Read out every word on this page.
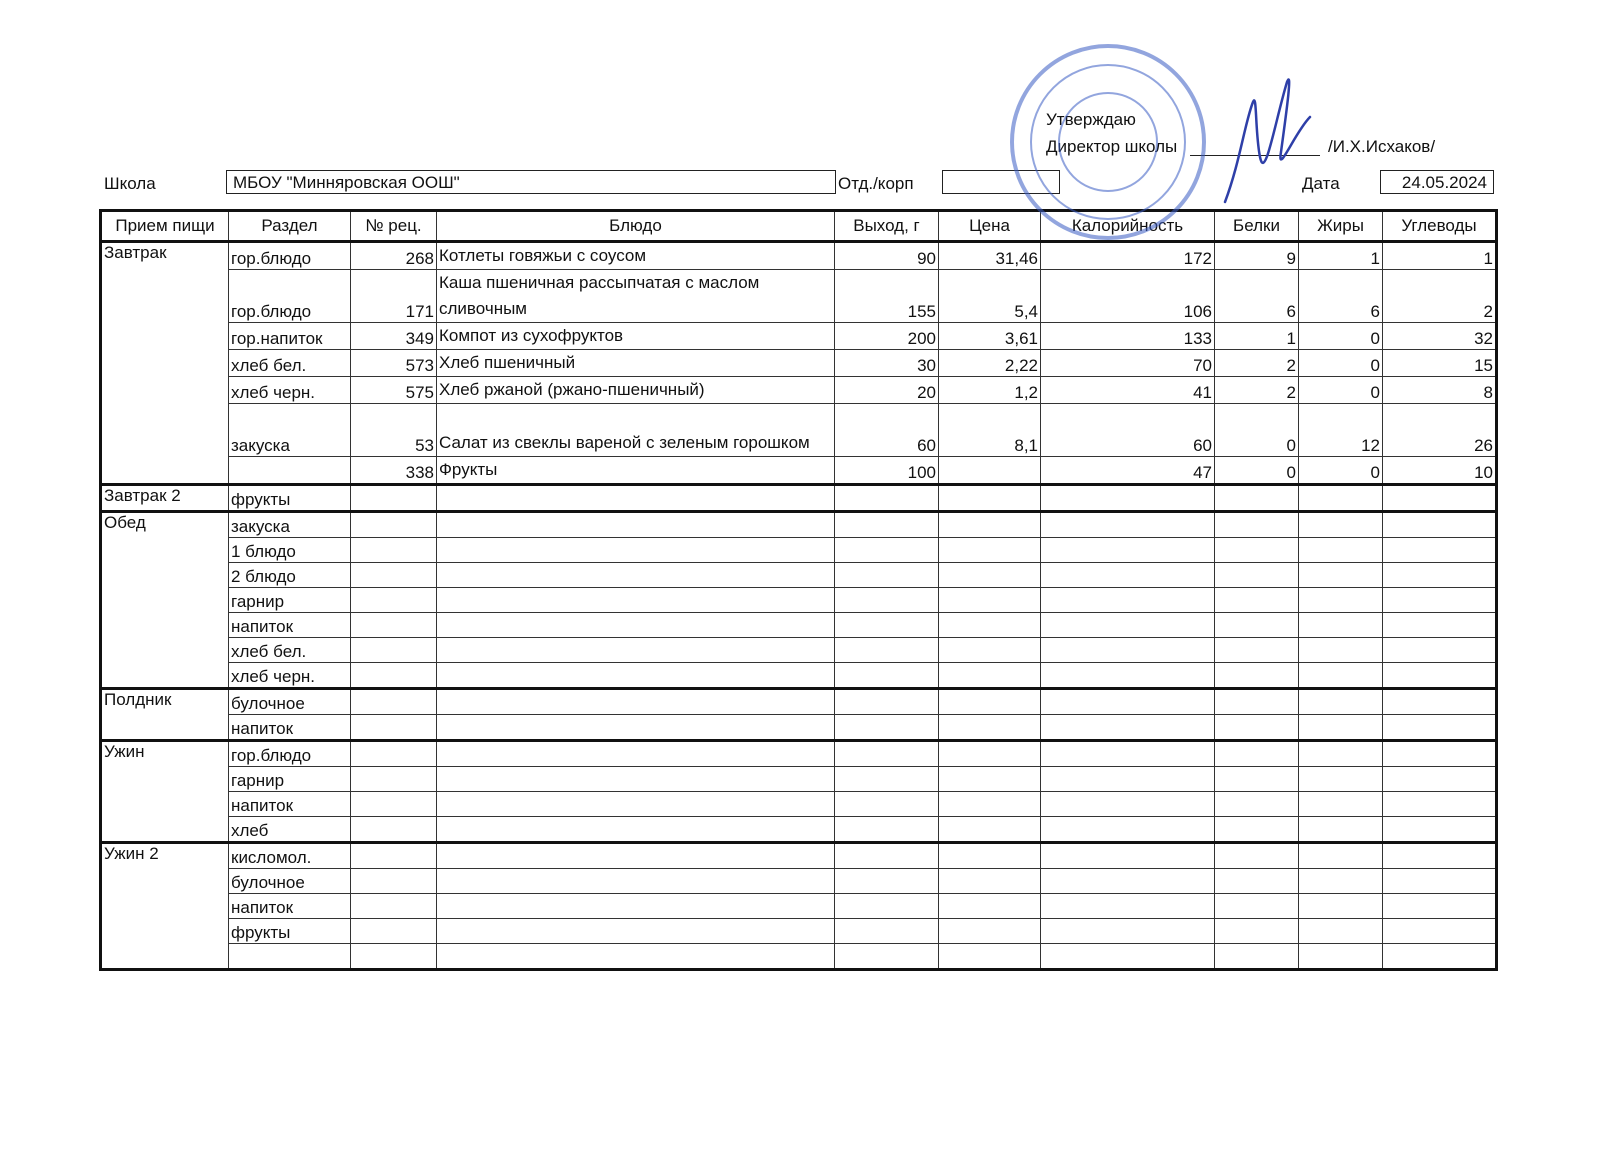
Утверждаю
Директор школы	/И.Х.Исхаков/
Школа	МБОУ "Минняровская ООШ"	Отд./корп	Дата	24.05.2024
Прием пищи	Раздел	№ рец.	Блюдо	Выход, г	Цена	Калорийность	Белки	Жиры	Углеводы
Завтрак	гор.блюдо	268	Котлеты говяжьи с соусом	90	31,46	172	9	1	1
	гор.блюдо	171	Каша пшеничная рассыпчатая с маслом сливочным	155	5,4	106	6	6	2
	гор.напиток	349	Компот из сухофруктов	200	3,61	133	1	0	32
	хлеб бел.	573	Хлеб пшеничный	30	2,22	70	2	0	15
	хлеб черн.	575	Хлеб ржаной (ржано-пшеничный)	20	1,2	41	2	0	8
	закуска	53	Салат из свеклы вареной с зеленым горошком	60	8,1	60	0	12	26
		338	Фрукты	100		47	0	0	10
Завтрак 2	фрукты								
Обед	закуска								
	1 блюдо								
	2 блюдо								
	гарнир								
	напиток								
	хлеб бел.								
	хлеб черн.								
Полдник	булочное								
	напиток								
Ужин	гор.блюдо								
	гарнир								
	напиток								
	хлеб								
Ужин 2	кисломол.								
	булочное								
	напиток								
	фрукты								
